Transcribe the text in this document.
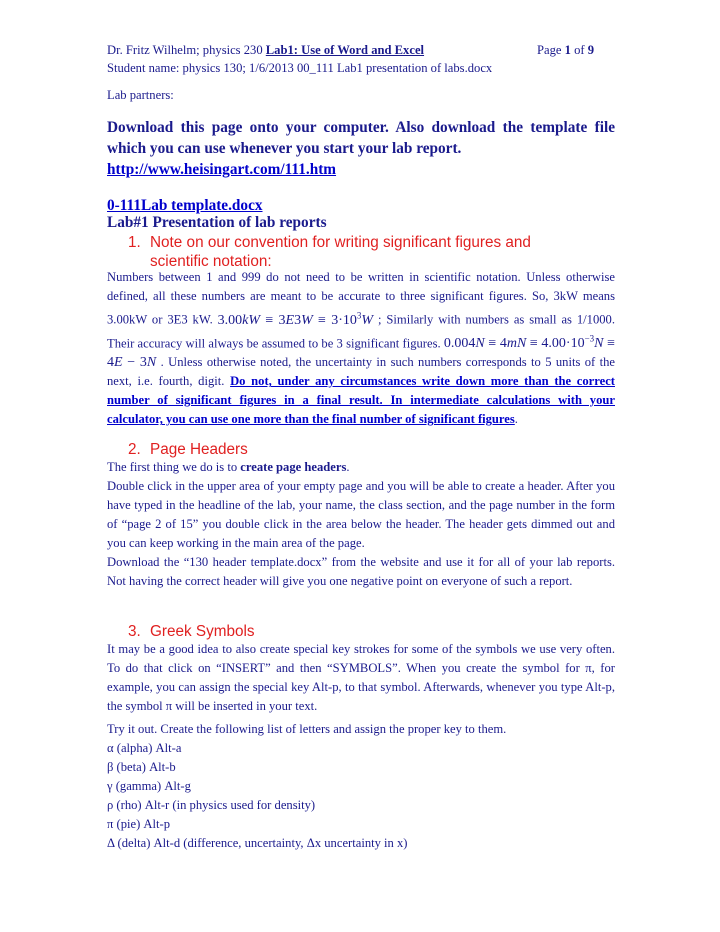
Dr. Fritz Wilhelm; physics 230 Lab1: Use of Word and Excel	Page 1 of 9
Student name: physics 130; 1/6/2013 00_111 Lab1 presentation of labs.docx
Lab partners:

Download this page onto your computer. Also download the template file which you can use whenever you start your lab report.

http://www.heisingart.com/111.htm
0-111Lab template.docx
Lab#1 Presentation of lab reports
1. Note on our convention for writing significant figures and
scientific notation:

Numbers between 1 and 999 do not need to be written in scientific notation. Unless otherwise defined, all these numbers are meant to be accurate to three significant figures. So, 3kW means 3.00kW or 3E3 kW. $3.00kW \equiv 3E3W \equiv 3\cdot 10^3W$ ; Similarly with numbers as small as 1/1000. Their accuracy will always be assumed to be 3 significant figures. $0.004N \equiv 4mN \equiv 4.00\cdot 10^{-3}N \equiv 4E - 3N$ . Unless otherwise noted, the uncertainty in such numbers corresponds to 5 units of the next, i.e. fourth, digit. Do not, under any circumstances write down more than the correct number of significant figures in a final result. In intermediate calculations with your calculator, you can use one more than the final number of significant figures.

2. Page Headers

The first thing we do is to create page headers.

Double click in the upper area of your empty page and you will be able to create a header. After you have typed in the headline of the lab, your name, the class section, and the page number in the form of “page 2 of 15” you double click in the area below the header. The header gets dimmed out and you can keep working in the main area of the page.

Download the “130 header template.docx” from the website and use it for all of your lab reports. Not having the correct header will give you one negative point on everyone of such a report.

3. Greek Symbols

It may be a good idea to also create special key strokes for some of the symbols we use very often. To do that click on “INSERT” and then “SYMBOLS”. When you create the symbol for π, for example, you can assign the special key Alt-p, to that symbol. Afterwards, whenever you type Alt-p, the symbol π will be inserted in your text.

Try it out. Create the following list of letters and assign the proper key to them.

α (alpha) Alt-a
β (beta) Alt-b
γ (gamma) Alt-g
ρ (rho) Alt-r (in physics used for density)
π (pie) Alt-p
Δ (delta) Alt-d (difference, uncertainty, Δx uncertainty in x)
